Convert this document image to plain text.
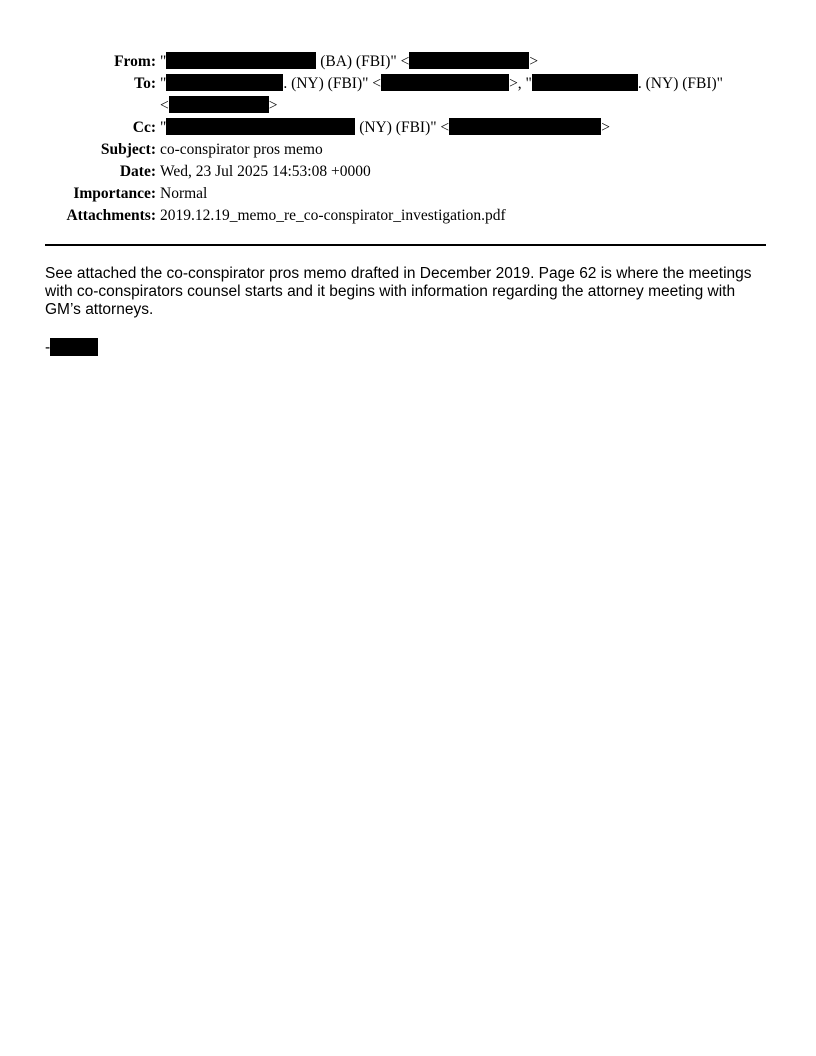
From: "	(BA) (FBI)" <	>
To: "	. (NY) (FBI)" <	>, "	. (NY) (FBI)"
<	>
Cc: "	(NY) (FBI)" <	>
Subject: co-conspirator pros memo
Date: Wed, 23 Jul 2025 14:53:08 +0000
Importance: Normal
Attachments: 2019.12.19_memo_re_co-conspirator_investigation.pdf
See attached the co-conspirator pros memo drafted in December 2019. Page 62 is where the meetings with co-conspirators counsel starts and it begins with information regarding the attorney meeting with GM’s attorneys.
-
